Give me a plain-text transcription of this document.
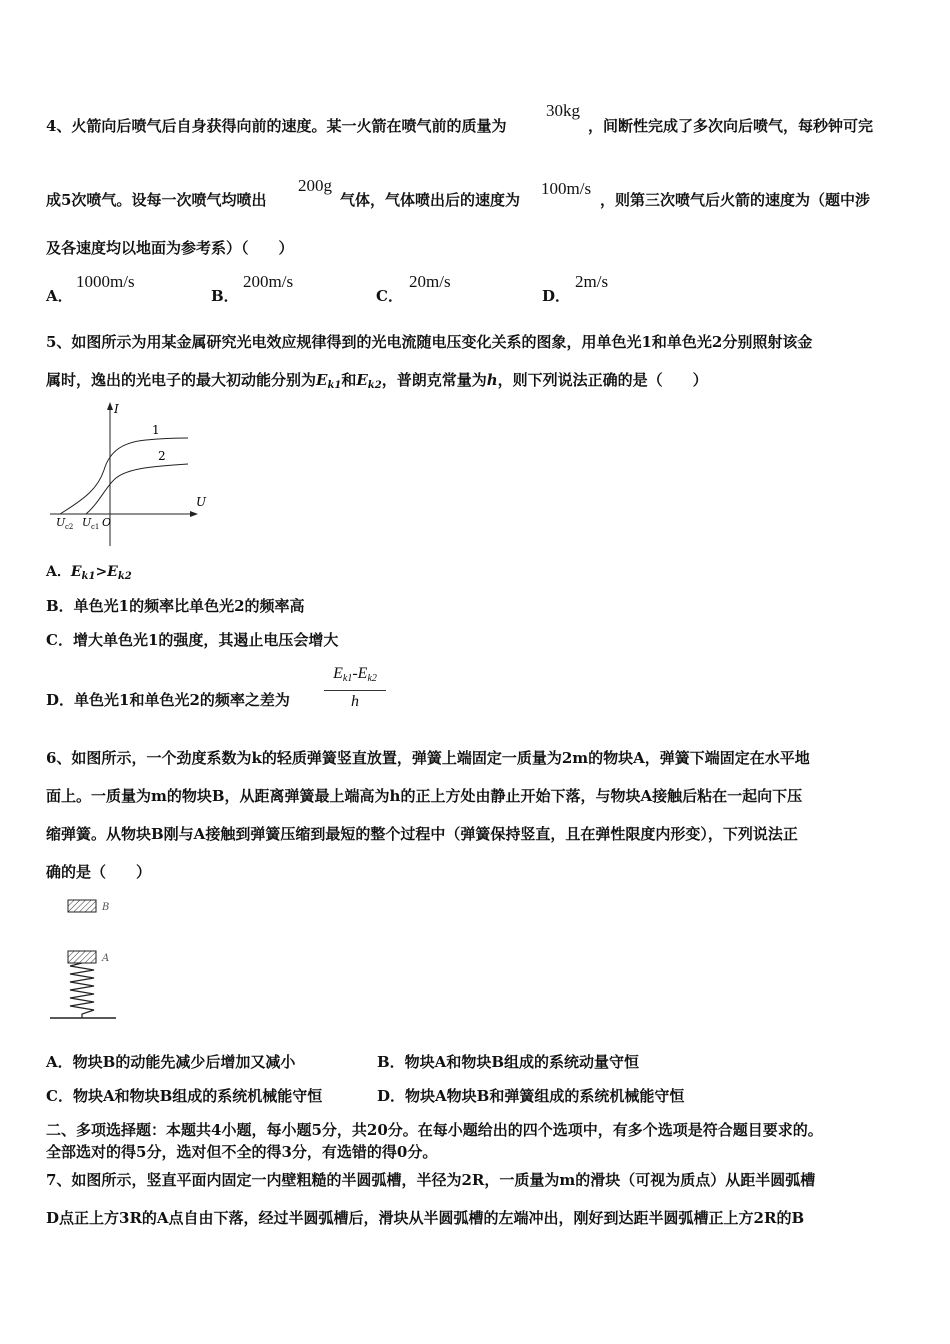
4、火箭向后喷气后自身获得向前的速度。某一火箭在喷气前的质量为
30kg
，间断性完成了多次向后喷气，每秒钟可完
成5次喷气。设每一次喷气均喷出
200g
气体，气体喷出后的速度为
100m/s
，则第三次喷气后火箭的速度为（题中涉
及各速度均以地面为参考系）（　　）
A．
1000m/s
B．
200m/s
C．
20m/s
D．
2m/s
5、如图所示为用某金属研究光电效应规律得到的光电流随电压变化关系的图象，用单色光1和单色光2分别照射该金
属时，逸出的光电子的最大初动能分别为$E_{k1}$和$E_{k2}$，普朗克常量为h，则下列说法正确的是（　　）
I
U
1
2
O
U c2 U c1
A．$E_{k1}>E_{k2}$
B．单色光1的频率比单色光2的频率高
C．增大单色光1的强度，其遏止电压会增大
D．单色光1和单色光2的频率之差为	$\frac{E_{k1}-E_{k2}}{h}$
6、如图所示，一个劲度系数为k的轻质弹簧竖直放置，弹簧上端固定一质量为2m的物块A，弹簧下端固定在水平地
面上。一质量为m的物块B，从距离弹簧最上端高为h的正上方处由静止开始下落，与物块A接触后粘在一起向下压
缩弹簧。从物块B刚与A接触到弹簧压缩到最短的整个过程中（弹簧保持竖直，且在弹性限度内形变），下列说法正
确的是（　　）
B
A
A．物块B的动能先减少后增加又减小	B．物块A和物块B组成的系统动量守恒
C．物块A和物块B组成的系统机械能守恒	D．物块A物块B和弹簧组成的系统机械能守恒
二、多项选择题：本题共4小题，每小题5分，共20分。在每小题给出的四个选项中，有多个选项是符合题目要求的。
全部选对的得5分，选对但不全的得3分，有选错的得0分。
7、如图所示，竖直平面内固定一内壁粗糙的半圆弧槽，半径为2R，一质量为m的滑块（可视为质点）从距半圆弧槽
D点正上方3R的A点自由下落，经过半圆弧槽后，滑块从半圆弧槽的左端冲出，刚好到达距半圆弧槽正上方2R的B
